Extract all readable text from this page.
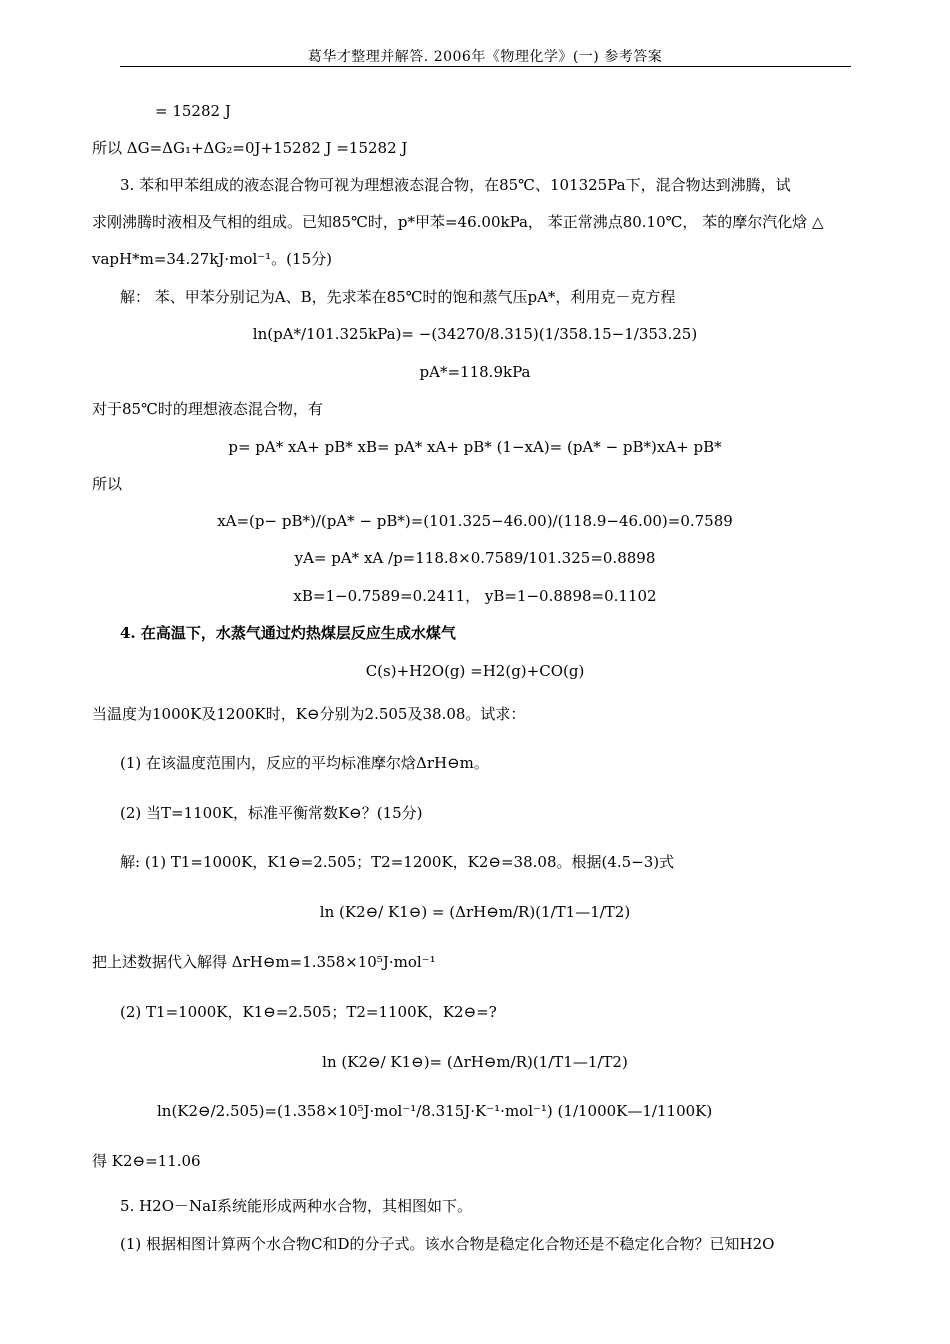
葛华才整理并解答. 2006年《物理化学》(一) 参考答案
= 15282 J
所以 ΔG=ΔG₁+ΔG₂=0J+15282 J =15282 J
3. 苯和甲苯组成的液态混合物可视为理想液态混合物，在85℃、101325Pa下，混合物达到沸腾，试
求刚沸腾时液相及气相的组成。已知85℃时，p*甲苯=46.00kPa， 苯正常沸点80.10℃， 苯的摩尔汽化焓 △
vapH*m=34.27kJ·mol⁻¹。(15分)
解： 苯、甲苯分别记为A、B，先求苯在85℃时的饱和蒸气压pA*，利用克－克方程
ln(pA*/101.325kPa)= −(34270/8.315)(1/358.15−1/353.25)
pA*=118.9kPa
对于85℃时的理想液态混合物，有
p= pA* xA+ pB* xB= pA* xA+ pB* (1−xA)= (pA* − pB*)xA+ pB*
所以
xA=(p− pB*)/(pA* − pB*)=(101.325−46.00)/(118.9−46.00)=0.7589
yA= pA* xA /p=118.8×0.7589/101.325=0.8898
xB=1−0.7589=0.2411， yB=1−0.8898=0.1102
4. 在高温下，水蒸气通过灼热煤层反应生成水煤气
C(s)+H2O(g) =H2(g)+CO(g)
当温度为1000K及1200K时，K⊖分别为2.505及38.08。试求：
(1) 在该温度范围内，反应的平均标准摩尔焓ΔrH⊖m。
(2) 当T=1100K，标准平衡常数K⊖？(15分)
解: (1) T1=1000K，K1⊖=2.505；T2=1200K，K2⊖=38.08。根据(4.5−3)式
ln (K2⊖/ K1⊖) = (ΔrH⊖m/R)(1/T1—1/T2)
把上述数据代入解得 ΔrH⊖m=1.358×10⁵J·mol⁻¹
(2) T1=1000K，K1⊖=2.505；T2=1100K，K2⊖=?
ln (K2⊖/ K1⊖)= (ΔrH⊖m/R)(1/T1—1/T2)
ln(K2⊖/2.505)=(1.358×10⁵J·mol⁻¹/8.315J·K⁻¹·mol⁻¹) (1/1000K—1/1100K)
得 K2⊖=11.06
5. H2O－NaI系统能形成两种水合物，其相图如下。
(1) 根据相图计算两个水合物C和D的分子式。该水合物是稳定化合物还是不稳定化合物？已知H2O
